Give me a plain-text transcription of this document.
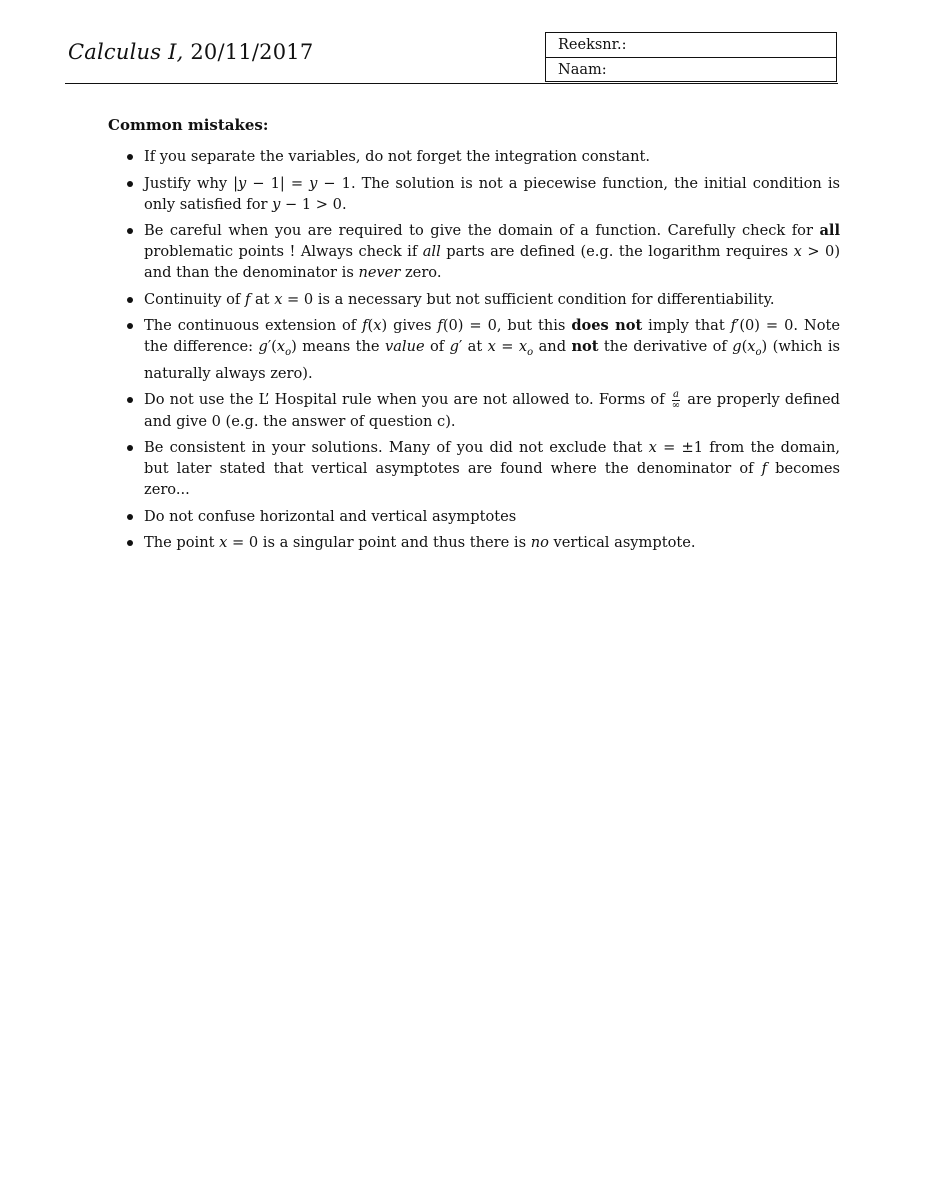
Calculus I, 20/11/2017	Reeksnr.:
Naam:
Common mistakes:
If you separate the variables, do not forget the integration constant.
Justify why |y − 1| = y − 1. The solution is not a piecewise function, the initial condition is only satisfied for y − 1 > 0.
Be careful when you are required to give the domain of a function. Carefully check for all problematic points ! Always check if all parts are defined (e.g. the logarithm requires x > 0) and than the denominator is never zero.
Continuity of f at x = 0 is a necessary but not sufficient condition for differentiability.
The continuous extension of f(x) gives f(0) = 0, but this does not imply that f′(0) = 0. Note the difference: $g'(x_o)$ means the value of g′ at $x = x_o$ and not the derivative of $g(x_o)$ (which is naturally always zero).
Do not use the L’ Hospital rule when you are not allowed to. Forms of $\frac{a}{\infty}$ are properly defined and give 0 (e.g. the answer of question c).
Be consistent in your solutions. Many of you did not exclude that x = ±1 from the domain, but later stated that vertical asymptotes are found where the denominator of f becomes zero...
Do not confuse horizontal and vertical asymptotes
The point x = 0 is a singular point and thus there is no vertical asymptote.
